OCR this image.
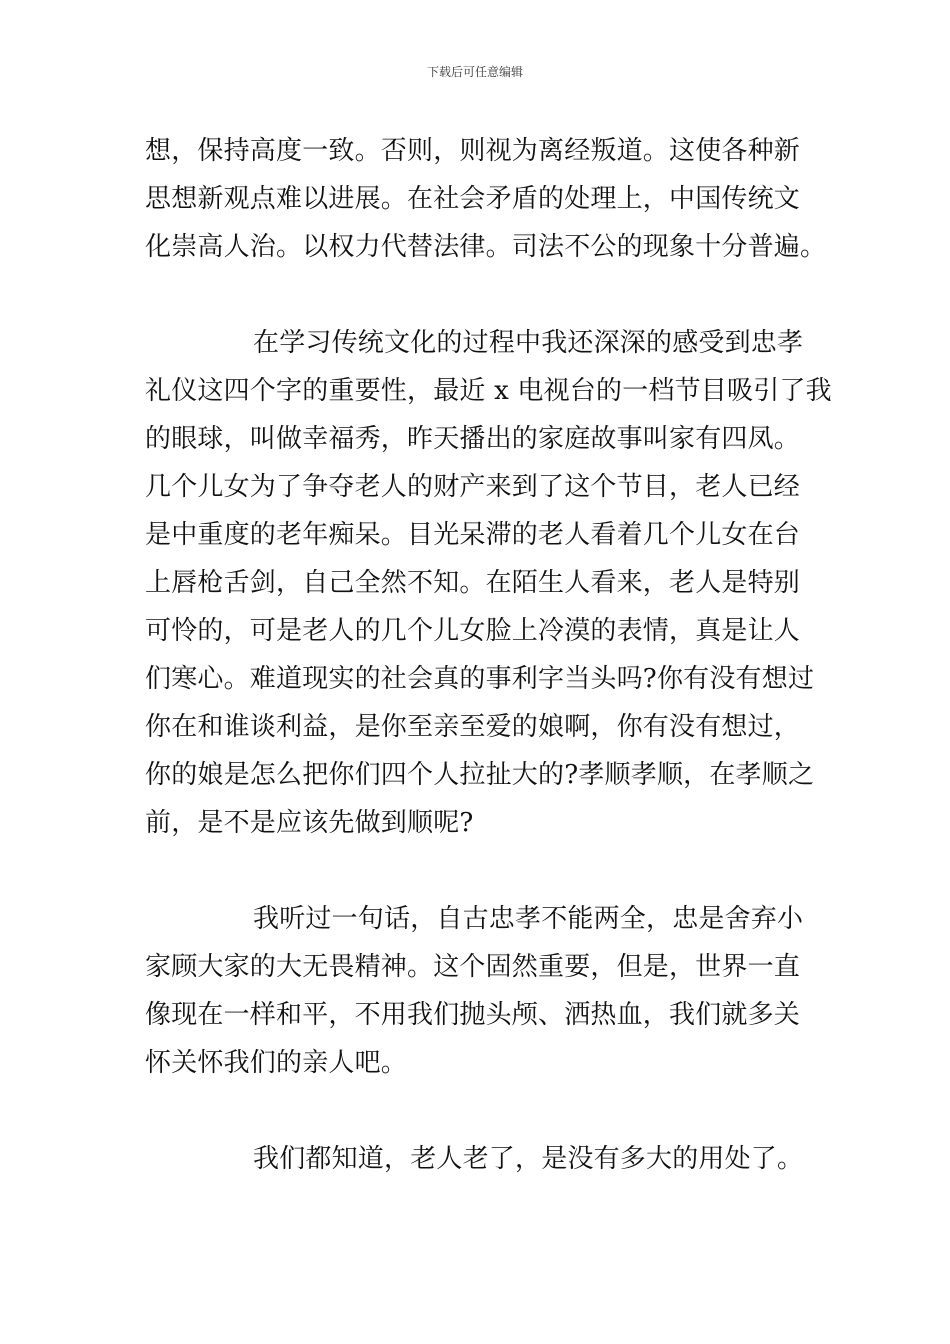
下载后可任意编辑
想，保持高度一致。否则，则视为离经叛道。这使各种新
思想新观点难以进展。在社会矛盾的处理上，中国传统文
化崇高人治。以权力代替法律。司法不公的现象十分普遍。
在学习传统文化的过程中我还深深的感受到忠孝
礼仪这四个字的重要性，最近 x 电视台的一档节目吸引了我
的眼球，叫做幸福秀，昨天播出的家庭故事叫家有四凤。
几个儿女为了争夺老人的财产来到了这个节目，老人已经
是中重度的老年痴呆。目光呆滞的老人看着几个儿女在台
上唇枪舌剑，自己全然不知。在陌生人看来，老人是特别
可怜的，可是老人的几个儿女脸上冷漠的表情，真是让人
们寒心。难道现实的社会真的事利字当头吗?你有没有想过
你在和谁谈利益，是你至亲至爱的娘啊，你有没有想过，
你的娘是怎么把你们四个人拉扯大的?孝顺孝顺，在孝顺之
前，是不是应该先做到顺呢?
我听过一句话，自古忠孝不能两全，忠是舍弃小
家顾大家的大无畏精神。这个固然重要，但是，世界一直
像现在一样和平，不用我们抛头颅、洒热血，我们就多关
怀关怀我们的亲人吧。
我们都知道，老人老了，是没有多大的用处了。
